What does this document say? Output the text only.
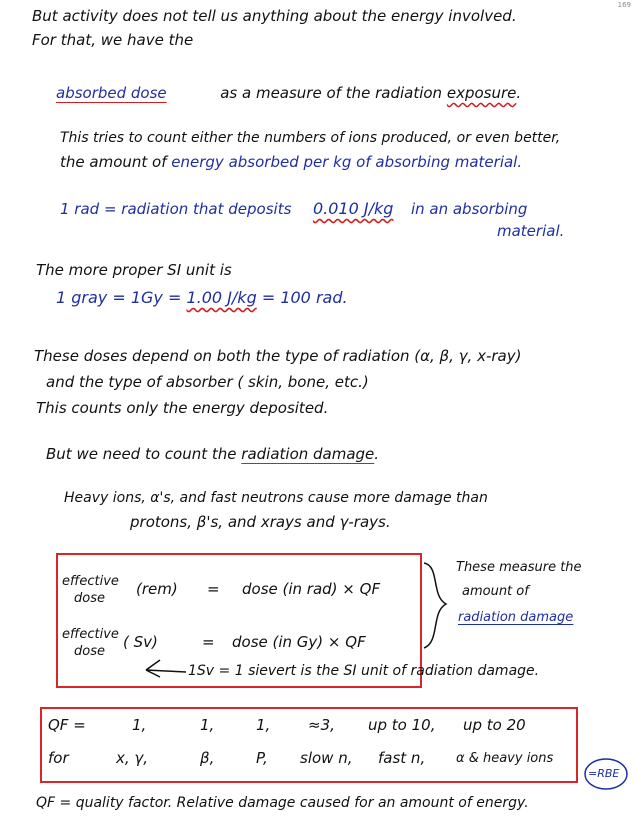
169
But activity does not tell us anything about the energy involved.
For that, we have the
absorbed dose	as a measure of the radiation exposure.
This tries to count either the numbers of ions produced, or even better,
the amount of energy absorbed per kg of absorbing material.
1 rad = radiation that deposits 0.010 J/kg in an absorbing
material.
The more proper SI unit is
1 gray = 1Gy = 1.00 J/kg = 100 rad.
These doses depend on both the type of radiation (α, β, γ, x-ray)
and the type of absorber ( skin, bone, etc.)
This counts only the energy deposited.
But we need to count the radiation damage.
Heavy ions, α's, and fast neutrons cause more damage than
protons, β's, and xrays and γ-rays.
effective
dose
(rem) = dose (in rad) × QF
effective
dose
( Sv)	= dose (in Gy) × QF
These measure the
amount of
radiation damage
1Sv = 1 sievert is the SI unit of radiation damage.
QF =	1,	1,	1,	≈3, up to 10, up to 20
for	x, γ,	β,	P, slow n, fast n, α & heavy ions
=RBE
QF = quality factor. Relative damage caused for an amount of energy.
